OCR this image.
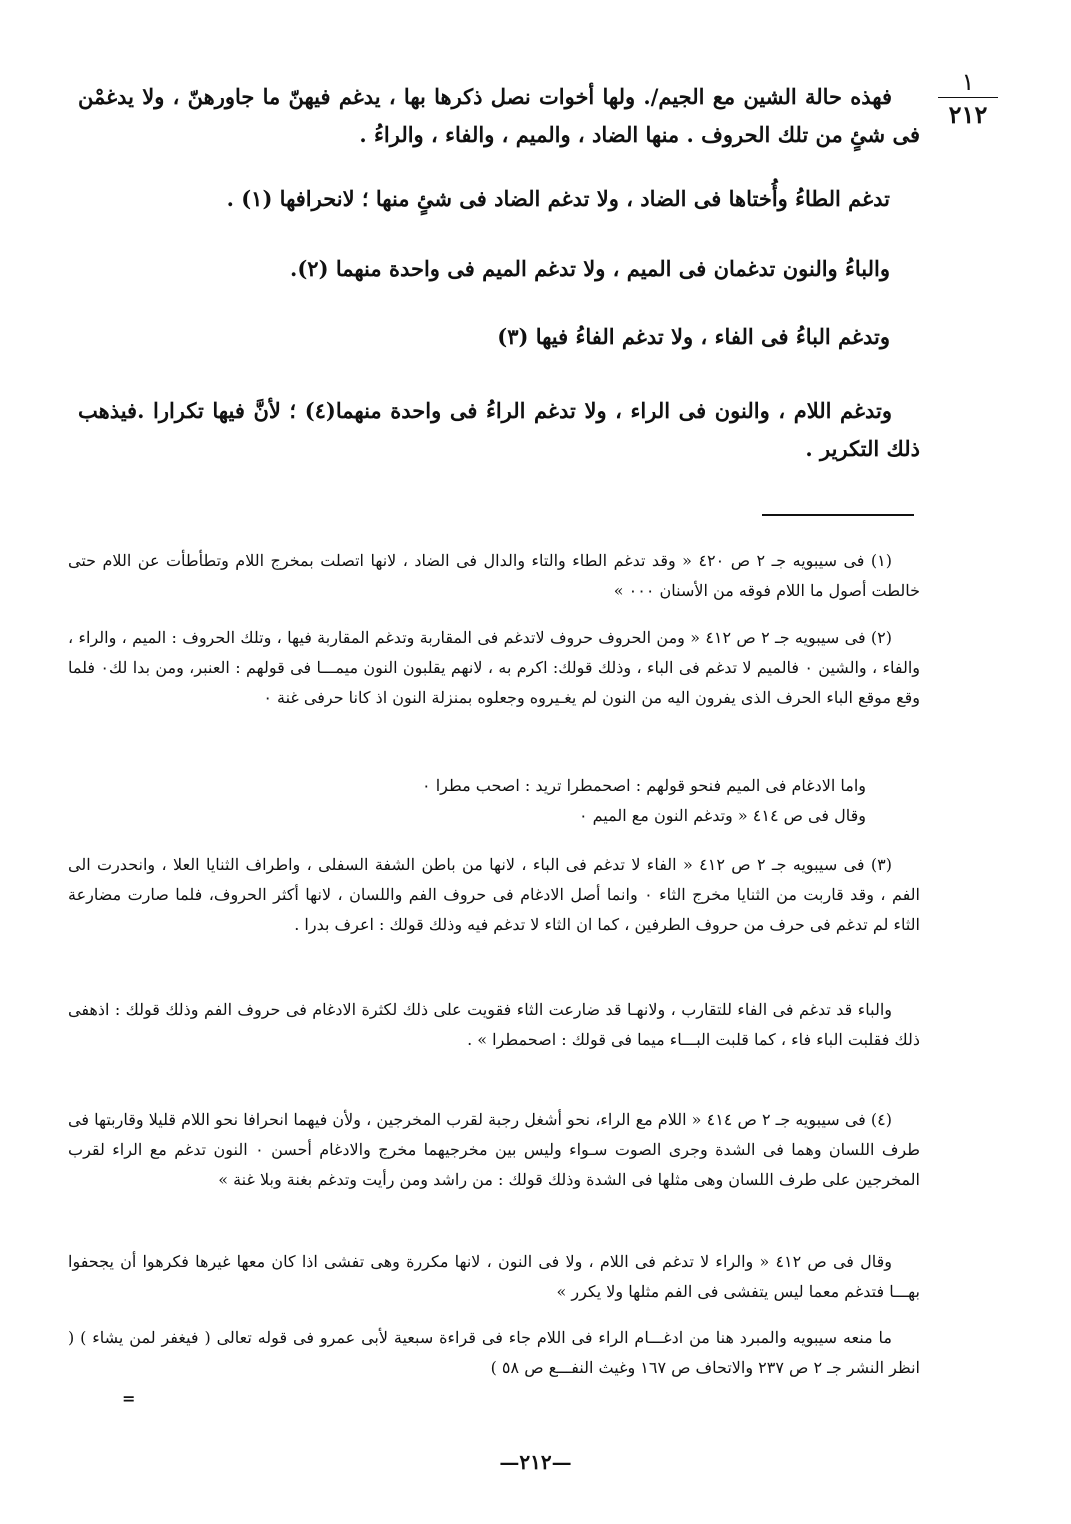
١
٢١٢

فهذه حالة الشين مع الجيم/. ولها أخوات نصل ذكرها بها ، يدغم فيهنّ ما جاورهنّ ، ولا يدغمْن فى شئٍ من تلك الحروف . منها الضاد ، والميم ، والفاء ، والراءُ .

تدغم الطاءُ وأُختاها فى الضاد ، ولا تدغم الضاد فى شئٍ منها ؛ لانحرافها (١) .
والباءُ والنون تدغمان فى الميم ، ولا تدغم الميم فى واحدة منهما (٢).
وتدغم الباءُ فى الفاء ، ولا تدغم الفاءُ فيها (٣)

وتدغم اللام ، والنون فى الراء ، ولا تدغم الراءُ فى واحدة منهما(٤) ؛ لأنَّ فيها تكرارا .فيذهب ذلك التكرير .

(١) فى سيبويه جـ ٢ ص ٤٢٠ « وقد تدغم الطاء والتاء والدال فى الضاد ، لانها اتصلت بمخرج اللام وتطأطأت عن اللام حتى خالطت أصول ما اللام فوقه من الأسنان ٠٠٠ »

(٢) فى سيبويه جـ ٢ ص ٤١٢ « ومن الحروف حروف لاتدغم فى المقاربة وتدغم المقاربة فيها ، وتلك الحروف : الميم ، والراء ، والفاء ، والشين ٠ فالميم لا تدغم فى الباء ، وذلك قولك: اكرم به ، لانهم يقلبون النون ميمـــا فى قولهم : العنبر، ومن بدا لك٠ فلما وقع موقع الباء الحرف الذى يفرون اليه من النون لم يغـيروه وجعلوه بمنزلة النون اذ كانا حرفى غنة ٠

واما الادغام فى الميم فنحو قولهم : اصحمطرا تريد : اصحب مطرا ٠

وقال فى ص ٤١٤ « وتدغم النون مع الميم ٠

(٣) فى سيبويه جـ ٢ ص ٤١٢ « الفاء لا تدغم فى الباء ، لانها من باطن الشفة السفلى ، واطراف الثنايا العلا ، وانحدرت الى الفم ، وقد قاربت من الثنايا مخرج الثاء ٠ وانما أصل الادغام فى حروف الفم واللسان ، لانها أكثر الحروف، فلما صارت مضارعة الثاء لم تدغم فى حرف من حروف الطرفين ، كما ان الثاء لا تدغم فيه وذلك قولك : اعرف بدرا .

والباء قد تدغم فى الفاء للتقارب ، ولانهـا قد ضارعت الثاء فقويت على ذلك لكثرة الادغام فى حروف الفم وذلك قولك : اذهفى ذلك فقلبت الباء فاء ، كما قلبت البـــاء ميما فى قولك : اصحمطرا » .

(٤) فى سيبويه جـ ٢ ص ٤١٤ « اللام مع الراء، نحو أشغل رجبة لقرب المخرجين ، ولأن فيهما انحرافا نحو اللام قليلا وقاربتها فى طرف اللسان وهما فى الشدة وجرى الصوت سـواء وليس بين مخرجيهما مخرج والادغام أحسن ٠ النون تدغم مع الراء لقرب المخرجين على طرف اللسان وهى مثلها فى الشدة وذلك قولك : من راشد ومن رأيت وتدغم بغنة وبلا غنة »

وقال فى ص ٤١٢ « والراء لا تدغم فى اللام ، ولا فى النون ، لانها مكررة وهى تفشى اذا كان معها غيرها فكرهوا أن يجحفوا بهـــا فتدغم معما ليس يتفشى فى الفم مثلها ولا يكرر »

ما منعه سيبويه والمبرد هنا من ادغـــام الراء فى اللام جاء فى قراءة سبعية لأبى عمرو فى قوله تعالى ( فيغفر لمن يشاء ) ( انظر النشر جـ ٢ ص ٢٣٧ والاتحاف ص ١٦٧ وغيث النفـــع ص ٥٨ )

=
—٢١٢—
